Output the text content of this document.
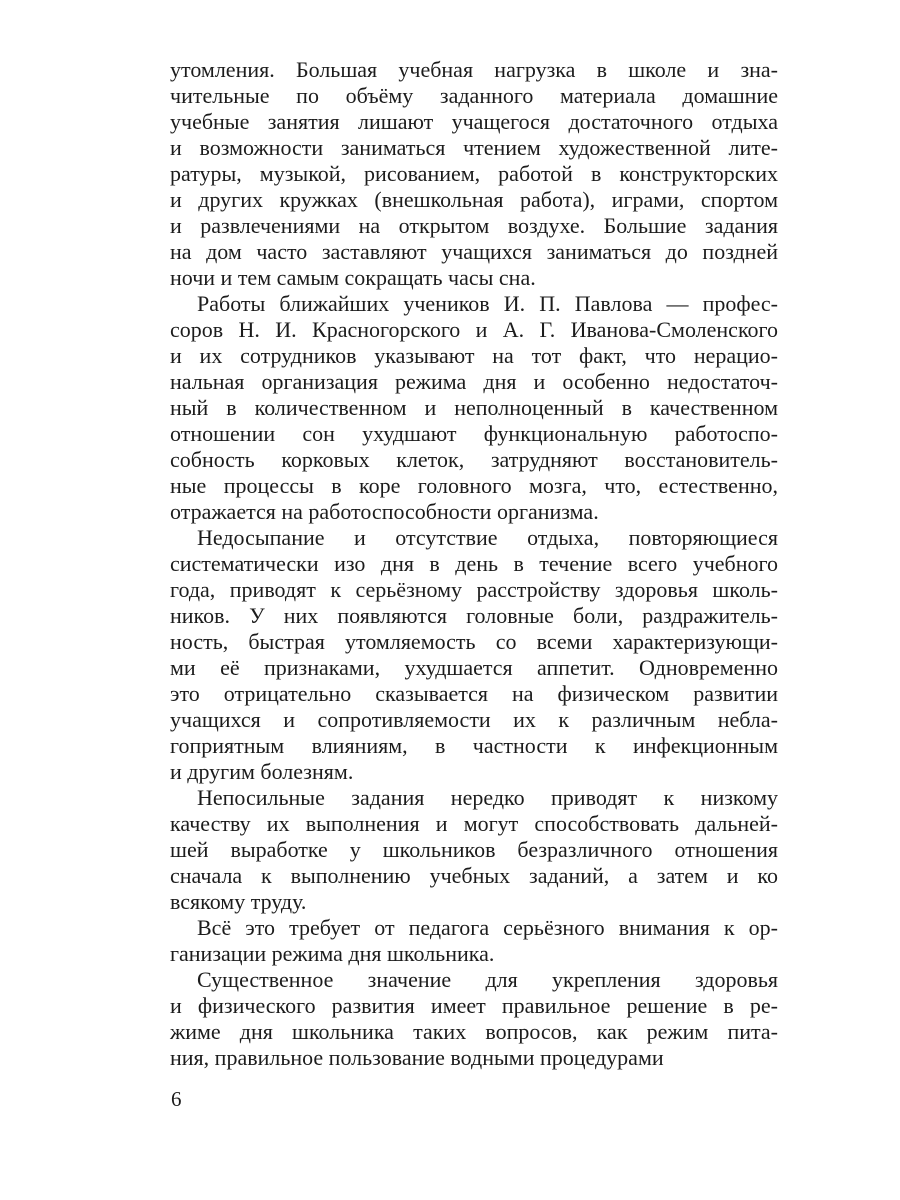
утомления. Большая учебная нагрузка в школе и зна-
чительные по объёму заданного материала домашние
учебные занятия лишают учащегося достаточного отдыха
и возможности заниматься чтением художественной лите-
ратуры, музыкой, рисованием, работой в конструкторских
и других кружках (внешкольная работа), играми, спортом
и развлечениями на открытом воздухе. Большие задания
на дом часто заставляют учащихся заниматься до поздней
ночи и тем самым сокращать часы сна.
Работы ближайших учеников И. П. Павлова — профес-
соров Н. И. Красногорского и А. Г. Иванова-Смоленского
и их сотрудников указывают на тот факт, что нерацио-
нальная организация режима дня и особенно недостаточ-
ный в количественном и неполноценный в качественном
отношении сон ухудшают функциональную работоспо-
собность корковых клеток, затрудняют восстановитель-
ные процессы в коре головного мозга, что, естественно,
отражается на работоспособности организма.
Недосыпание и отсутствие отдыха, повторяющиеся
систематически изо дня в день в течение всего учебного
года, приводят к серьёзному расстройству здоровья школь-
ников. У них появляются головные боли, раздражитель-
ность, быстрая утомляемость со всеми характеризующи-
ми её признаками, ухудшается аппетит. Одновременно
это отрицательно сказывается на физическом развитии
учащихся и сопротивляемости их к различным небла-
гоприятным влияниям, в частности к инфекционным
и другим болезням.
Непосильные задания нередко приводят к низкому
качеству их выполнения и могут способствовать дальней-
шей выработке у школьников безразличного отношения
сначала к выполнению учебных заданий, а затем и ко
всякому труду.
Всё это требует от педагога серьёзного внимания к ор-
ганизации режима дня школьника.
Существенное значение для укрепления здоровья
и физического развития имеет правильное решение в ре-
жиме дня школьника таких вопросов, как режим пита-
ния, правильное пользование водными процедурами
6
